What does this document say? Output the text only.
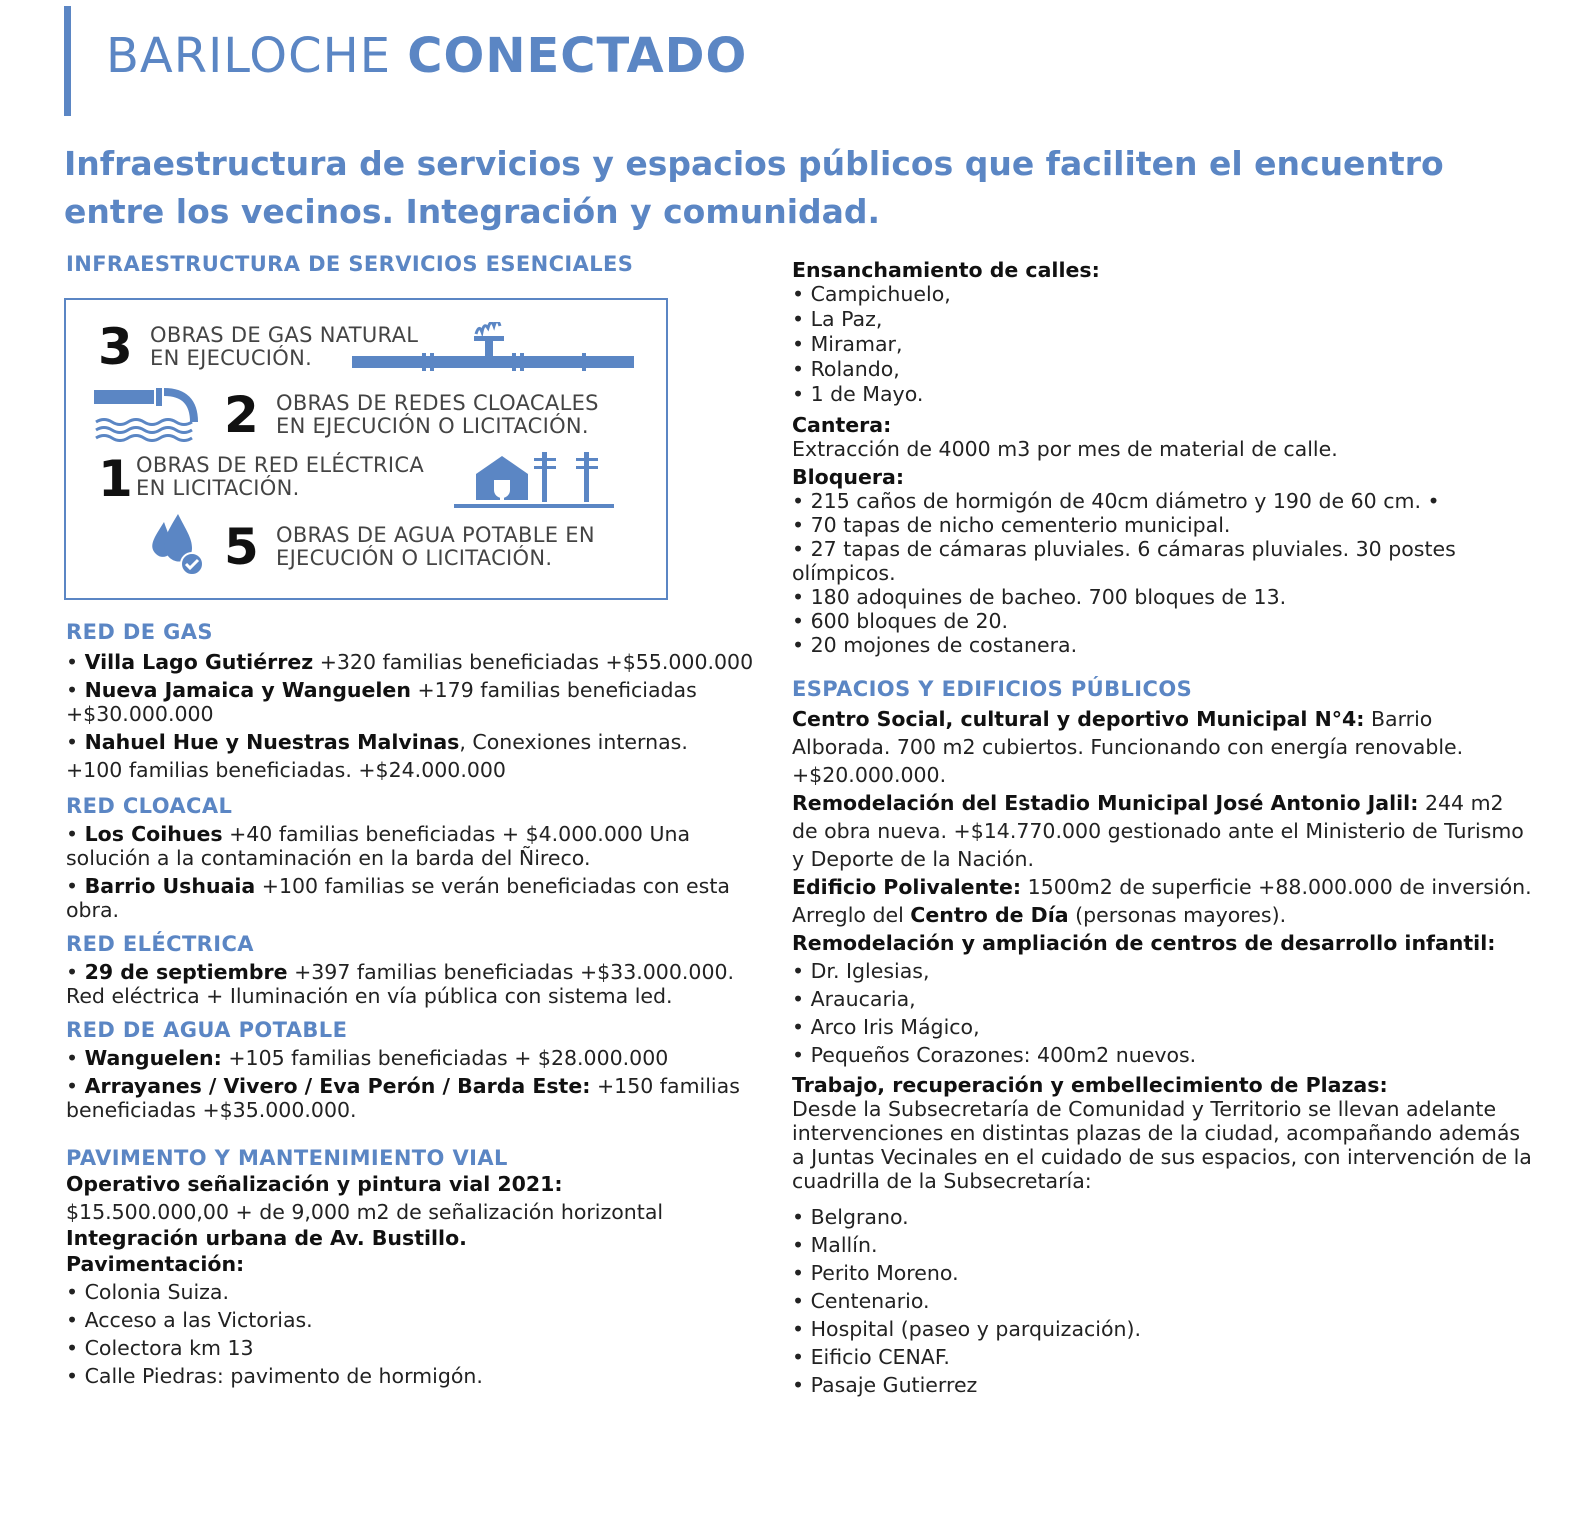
BARILOCHE CONECTADO
Infraestructura de servicios y espacios públicos que faciliten el encuentro entre los vecinos. Integración y comunidad.
INFRAESTRUCTURA DE SERVICIOS ESENCIALES
3 OBRAS DE GAS NATURAL
EN EJECUCIÓN.
2 OBRAS DE REDES CLOACALES
EN EJECUCIÓN O LICITACIÓN.
1 OBRAS DE RED ELÉCTRICA
EN LICITACIÓN.
5 OBRAS DE AGUA POTABLE EN
EJECUCIÓN O LICITACIÓN.
RED DE GAS

• Villa Lago Gutiérrez +320 familias beneficiadas +$55.000.000

• Nueva Jamaica y Wanguelen +179 familias beneficiadas +$30.000.000

• Nahuel Hue y Nuestras Malvinas, Conexiones internas.

+100 familias beneficiadas. +$24.000.000

RED CLOACAL

• Los Coihues +40 familias beneficiadas + $4.000.000 Una solución a la contaminación en la barda del Ñireco.

• Barrio Ushuaia +100 familias se verán beneficiadas con esta obra.

RED ELÉCTRICA

• 29 de septiembre +397 familias beneficiadas +$33.000.000. Red eléctrica + Iluminación en vía pública con sistema led.

RED DE AGUA POTABLE

• Wanguelen: +105 familias beneficiadas + $28.000.000

• Arrayanes / Vivero / Eva Perón / Barda Este: +150 familias beneficiadas +$35.000.000.

PAVIMENTO Y MANTENIMIENTO VIAL

Operativo señalización y pintura vial 2021:

$15.500.000,00 + de 9,000 m2 de señalización horizontal

Integración urbana de Av. Bustillo.

Pavimentación:

• Colonia Suiza.
• Acceso a las Victorias.
• Colectora km 13
• Calle Piedras: pavimento de hormigón.

Ensanchamiento de calles:

• Campichuelo,
• La Paz,
• Miramar,
• Rolando,
• 1 de Mayo.

Cantera:

Extracción de 4000 m3 por mes de material de calle.

Bloquera:

• 215 caños de hormigón de 40cm diámetro y 190 de 60 cm. •
• 70 tapas de nicho cementerio municipal.
• 27 tapas de cámaras pluviales. 6 cámaras pluviales. 30 postes olímpicos.
• 180 adoquines de bacheo. 700 bloques de 13.
• 600 bloques de 20.
• 20 mojones de costanera.
ESPACIOS Y EDIFICIOS PÚBLICOS

Centro Social, cultural y deportivo Municipal N°4: Barrio Alborada. 700 m2 cubiertos. Funcionando con energía renovable. +$20.000.000.

Remodelación del Estadio Municipal José Antonio Jalil: 244 m2 de obra nueva. +$14.770.000 gestionado ante el Ministerio de Turismo y Deporte de la Nación.

Edificio Polivalente: 1500m2 de superficie +88.000.000 de inversión.

Arreglo del Centro de Día (personas mayores).

Remodelación y ampliación de centros de desarrollo infantil:

• Dr. Iglesias,
• Araucaria,
• Arco Iris Mágico,
• Pequeños Corazones: 400m2 nuevos.

Trabajo, recuperación y embellecimiento de Plazas:

Desde la Subsecretaría de Comunidad y Territorio se llevan adelante intervenciones en distintas plazas de la ciudad, acompañando además a Juntas Vecinales en el cuidado de sus espacios, con intervención de la cuadrilla de la Subsecretaría:

• Belgrano.
• Mallín.
• Perito Moreno.
• Centenario.
• Hospital (paseo y parquización).
• Eificio CENAF.
• Pasaje Gutierrez
